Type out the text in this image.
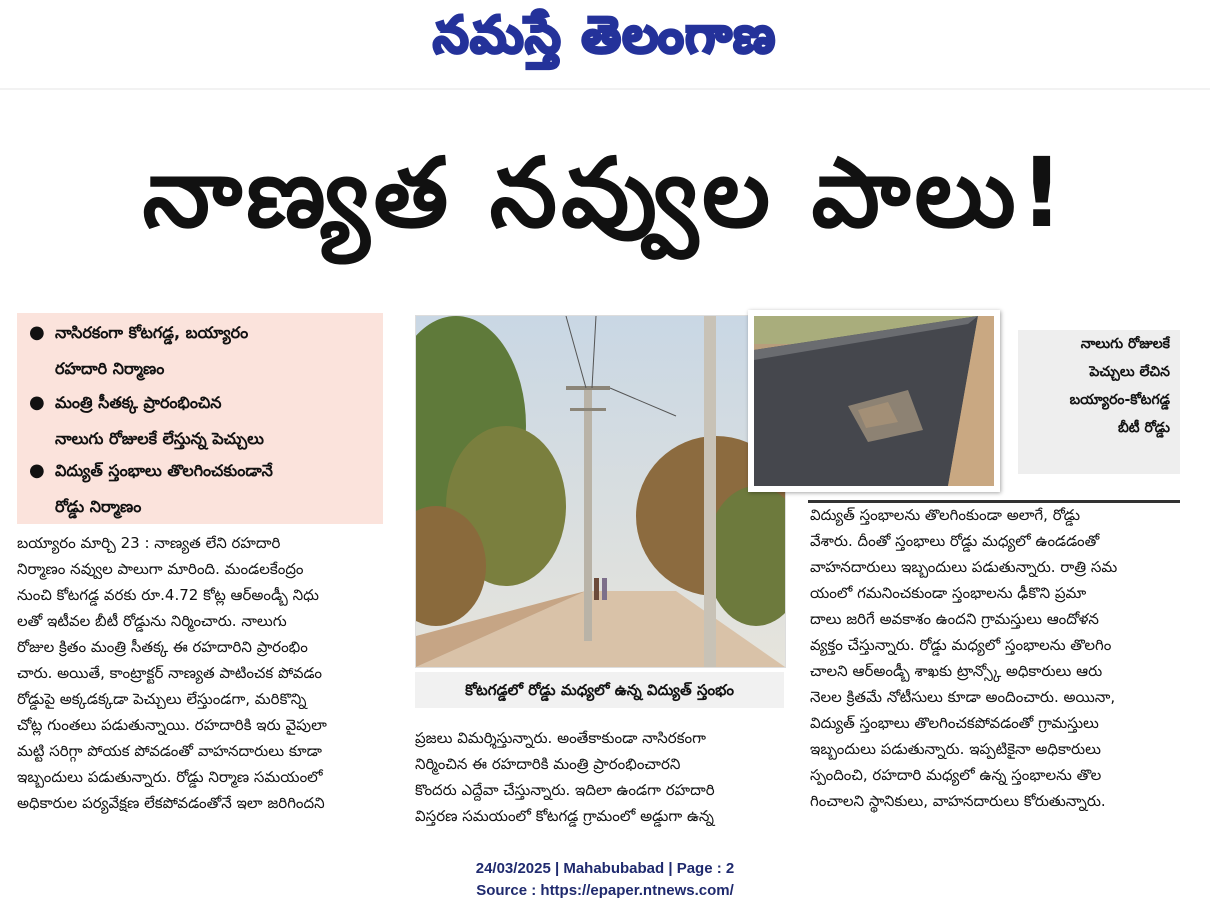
నమస్తే తెలంగాణ
నాణ్యత నవ్వుల పాలు!
● నాసిరకంగా కోటగడ్డ, బయ్యారం
రహదారి నిర్మాణం
● మంత్రి సీతక్క ప్రారంభించిన
నాలుగు రోజులకే లేస్తున్న పెచ్చులు
● విద్యుత్ స్తంభాలు తొలగించకుండానే
రోడ్డు నిర్మాణం
కోటగడ్డలో రోడ్డు మధ్యలో ఉన్న విద్యుత్ స్తంభం
నాలుగు రోజులకే
పెచ్చులు లేచిన
బయ్యారం-కోటగడ్డ
బీటీ రోడ్డు

బయ్యారం మార్చి 23 : నాణ్యత లేని రహదారి

నిర్మాణం నవ్వుల పాలుగా మారింది. మండలకేంద్రం

నుంచి కోటగడ్డ వరకు రూ.4.72 కోట్ల ఆర్అండ్బీ నిధు

లతో ఇటీవల బీటీ రోడ్డును నిర్మించారు. నాలుగు

రోజుల క్రితం మంత్రి సీతక్క ఈ రహదారిని ప్రారంభిం

చారు. అయితే, కాంట్రాక్టర్ నాణ్యత పాటించక పోవడం

రోడ్డుపై అక్కడక్కడా పెచ్చులు లేస్తుండగా, మరికొన్ని

చోట్ల గుంతలు పడుతున్నాయి. రహదారికి ఇరు వైపులా

మట్టి సరిగ్గా పోయక పోవడంతో వాహనదారులు కూడా

ఇబ్బందులు పడుతున్నారు. రోడ్డు నిర్మాణ సమయంలో

అధికారుల పర్యవేక్షణ లేకపోవడంతోనే ఇలా జరిగిందని

ప్రజలు విమర్శిస్తున్నారు. అంతేకాకుండా నాసిరకంగా

నిర్మించిన ఈ రహదారికి మంత్రి ప్రారంభించారని

కొందరు ఎద్దేవా చేస్తున్నారు. ఇదిలా ఉండగా రహదారి

విస్తరణ సమయంలో కోటగడ్డ గ్రామంలో అడ్డుగా ఉన్న

విద్యుత్ స్తంభాలను తొలగింకుండా అలాగే, రోడ్డు

వేశారు. దీంతో స్తంభాలు రోడ్డు మధ్యలో ఉండడంతో

వాహనదారులు ఇబ్బందులు పడుతున్నారు. రాత్రి సమ

యంలో గమనించకుండా స్తంభాలను ఢీకొని ప్రమా

దాలు జరిగే అవకాశం ఉందని గ్రామస్తులు ఆందోళన

వ్యక్తం చేస్తున్నారు. రోడ్డు మధ్యలో స్తంభాలను తొలగిం

చాలని ఆర్అండ్బీ శాఖకు ట్రాన్స్కో అధికారులు ఆరు

నెలల క్రితమే నోటీసులు కూడా అందించారు. అయినా,

విద్యుత్ స్తంభాలు తొలగించకపోవడంతో గ్రామస్తులు

ఇబ్బందులు పడుతున్నారు. ఇప్పటికైనా అధికారులు

స్పందించి, రహదారి మధ్యలో ఉన్న స్తంభాలను తొల

గించాలని స్థానికులు, వాహనదారులు కోరుతున్నారు.

24/03/2025 | Mahabubabad | Page : 2
Source : https://epaper.ntnews.com/
